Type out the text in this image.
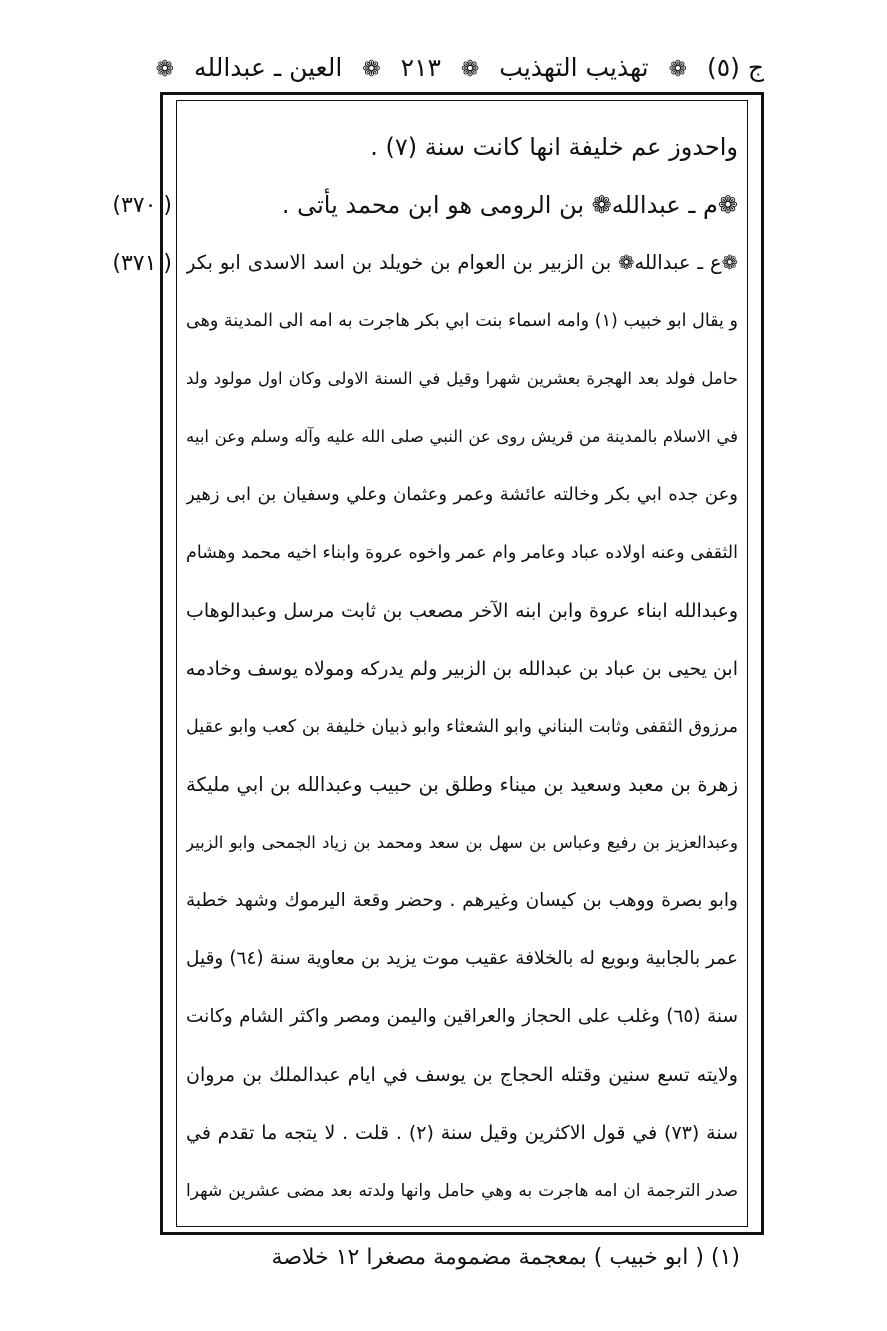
ج (٥) ❁ تهذيب التهذيب ❁ ٢١٣ ❁ العين ـ عبدالله ❁
( ٣٧٠)
( ٣٧١)
واحدوز عم خليفة انها كانت سنة (٧) .
❁م ـ عبدالله❁ بن الرومى هو ابن محمد يأتى .
❁ع ـ عبدالله❁ بن الزبير بن العوام بن خويلد بن اسد الاسدى ابو بكر
و يقال ابو خبيب (١) وامه اسماء بنت ابي بكر هاجرت به امه الى المدينة وهى
حامل فولد بعد الهجرة بعشرين شهرا وقيل في السنة الاولى وكان اول مولود ولد
في الاسلام بالمدينة من قريش روى عن النبي صلى الله عليه وآله وسلم وعن ابيه
وعن جده ابي بكر وخالته عائشة وعمر وعثمان وعلي وسفيان بن ابى زهير
الثقفى وعنه اولاده عباد وعامر وام عمر واخوه عروة وابناء اخيه محمد وهشام
وعبدالله ابناء عروة وابن ابنه الآخر مصعب بن ثابت مرسل وعبدالوهاب
ابن يحيى بن عباد بن عبدالله بن الزبير ولم يدركه ومولاه يوسف وخادمه
مرزوق الثقفى وثابت البناني وابو الشعثاء وابو ذبيان خليفة بن كعب وابو عقيل
زهرة بن معبد وسعيد بن ميناء وطلق بن حبيب وعبدالله بن ابي مليكة
وعبدالعزيز بن رفيع وعباس بن سهل بن سعد ومحمد بن زياد الجمحى وابو الزبير
وابو بصرة ووهب بن كيسان وغيرهم . وحضر وقعة اليرموك وشهد خطبة
عمر بالجابية وبويع له بالخلافة عقيب موت يزيد بن معاوية سنة (٦٤) وقيل
سنة (٦٥) وغلب على الحجاز والعراقين واليمن ومصر واكثر الشام وكانت
ولايته تسع سنين وقتله الحجاج بن يوسف في ايام عبدالملك بن مروان
سنة (٧٣) في قول الاكثرين وقيل سنة (٢) . قلت . لا يتجه ما تقدم في
صدر الترجمة ان امه هاجرت به وهي حامل وانها ولدته بعد مضى عشرين شهرا
(١) ( ابو خبيب ) بمعجمة مضمومة مصغرا ١٢ خلاصة
